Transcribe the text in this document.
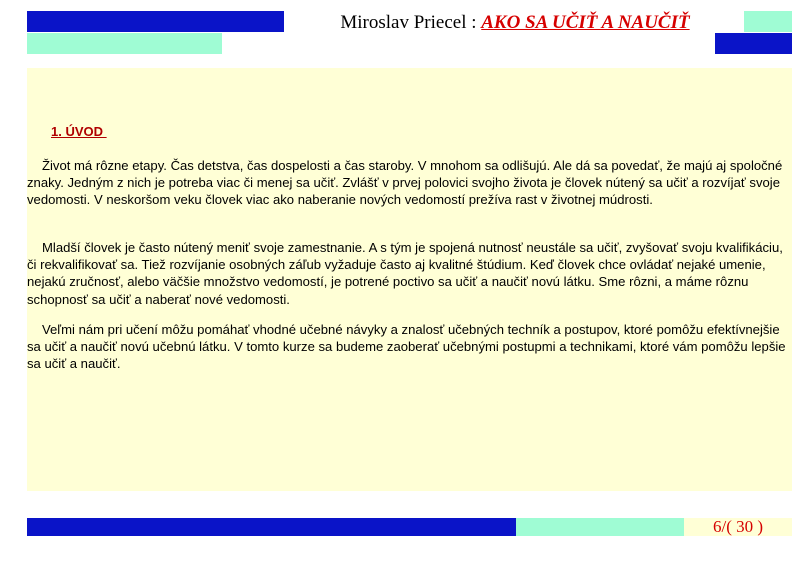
Miroslav Priecel : AKO SA UČIŤ A NAUČIŤ
1. ÚVOD
Život má rôzne etapy. Čas detstva, čas dospelosti a čas staroby. V mnohom sa odlišujú. Ale dá sa povedať, že majú aj spoločné znaky. Jedným z nich je potreba viac či menej sa učiť. Zvlášť v prvej polovici svojho života je človek nútený sa učiť a rozvíjať svoje vedomosti. V neskoršom veku človek viac ako naberanie nových vedomostí prežíva rast v životnej múdrosti.
Mladší človek je často nútený meniť svoje zamestnanie. A s tým je spojená nutnosť neustále sa učiť, zvyšovať svoju kvalifikáciu, či rekvalifikovať sa. Tiež rozvíjanie osobných záľub vyžaduje často aj kvalitné štúdium. Keď človek chce ovládať nejaké umenie, nejakú zručnosť, alebo väčšie množstvo vedomostí, je potrené poctivo sa učiť a naučiť novú látku. Sme rôzni, a máme rôznu schopnosť sa učiť a naberať nové vedomosti.
Veľmi nám pri učení môžu pomáhať vhodné učebné návyky a znalosť učebných techník a postupov, ktoré pomôžu efektívnejšie sa učiť a naučiť novú učebnú látku. V tomto kurze sa budeme zaoberať učebnými postupmi a technikami, ktoré vám pomôžu lepšie sa učiť a naučiť.
6/( 30 )
